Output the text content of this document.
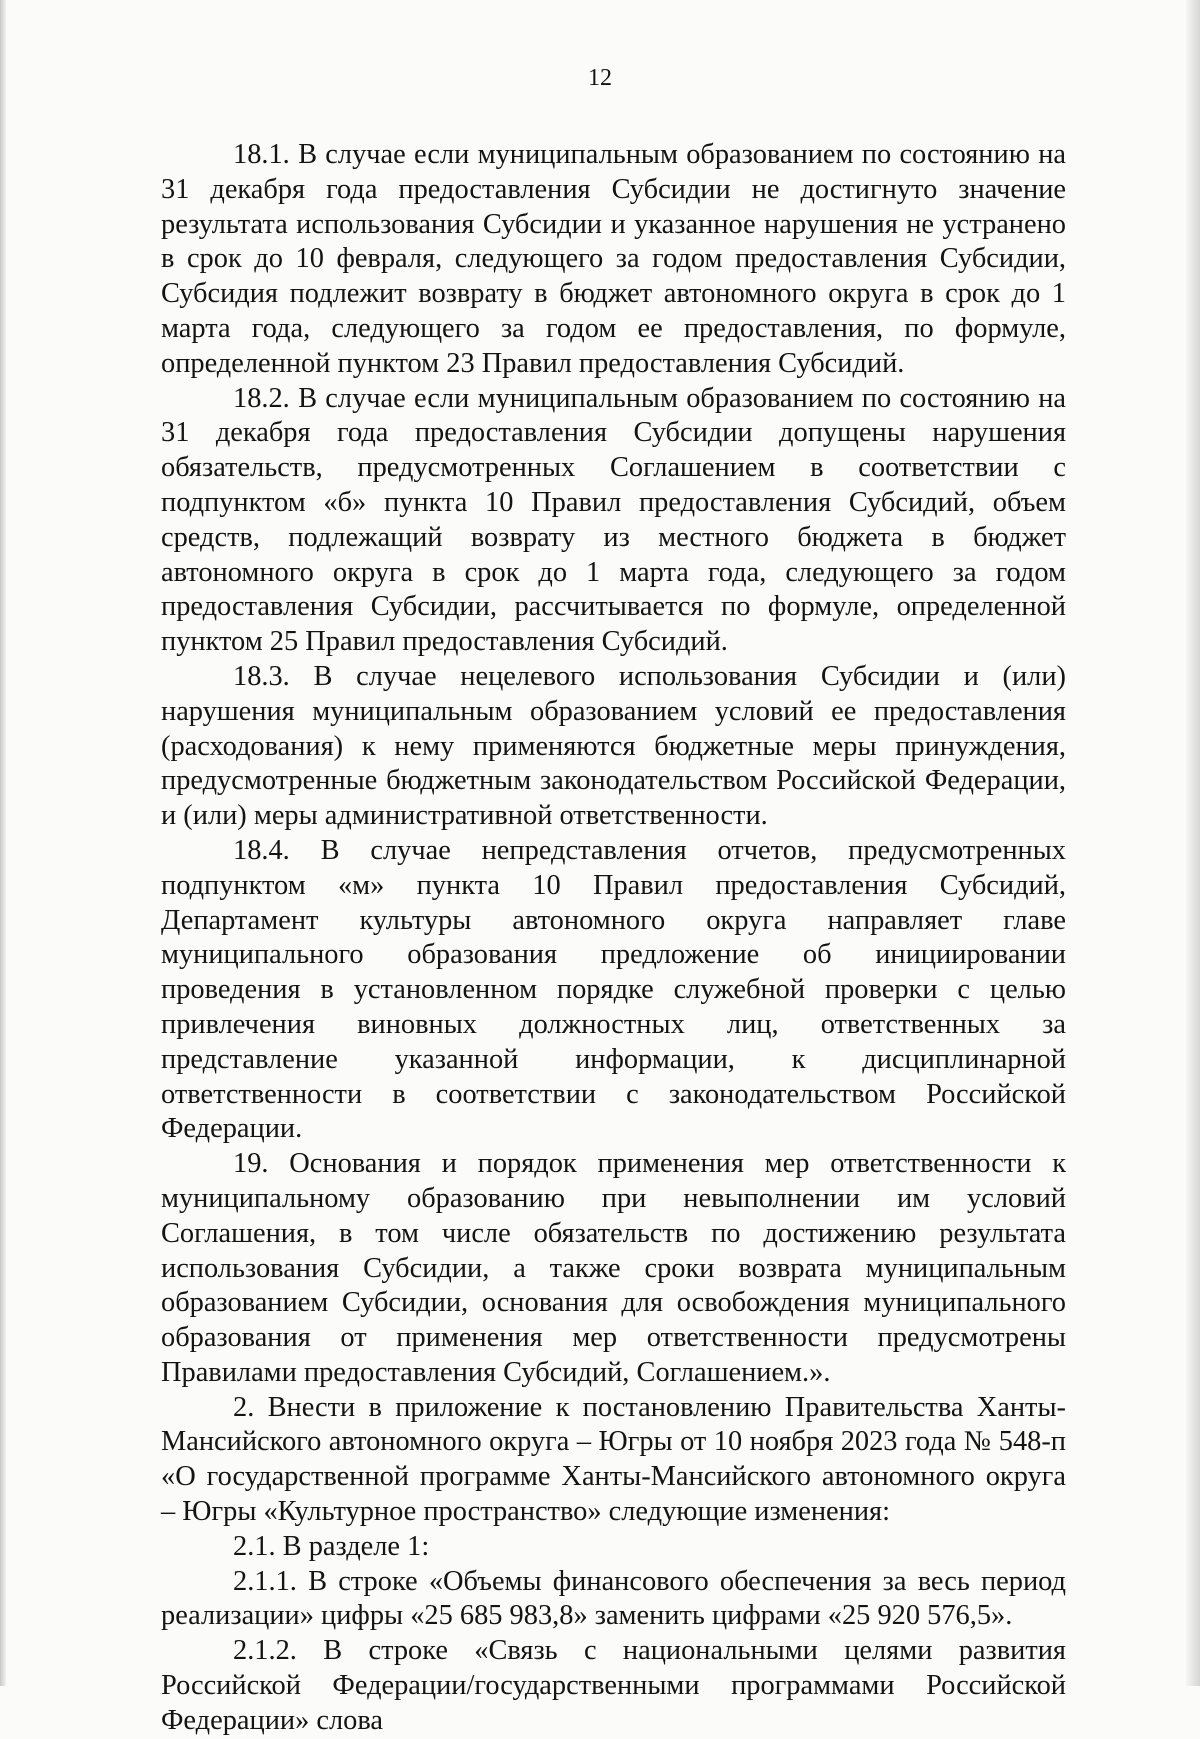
12

18.1. В случае если муниципальным образованием по состоянию на 31 декабря года предоставления Субсидии не достигнуто значение результата использования Субсидии и указанное нарушения не устранено в срок до 10 февраля, следующего за годом предоставления Субсидии, Субсидия подлежит возврату в бюджет автономного округа в срок до 1 марта года, следующего за годом ее предоставления, по формуле, определенной пунктом 23 Правил предоставления Субсидий.

18.2. В случае если муниципальным образованием по состоянию на 31 декабря года предоставления Субсидии допущены нарушения обязательств, предусмотренных Соглашением в соответствии с подпунктом «б» пункта 10 Правил предоставления Субсидий, объем средств, подлежащий возврату из местного бюджета в бюджет автономного округа в срок до 1 марта года, следующего за годом предоставления Субсидии, рассчитывается по формуле, определенной пунктом 25 Правил предоставления Субсидий.

18.3. В случае нецелевого использования Субсидии и (или) нарушения муниципальным образованием условий ее предоставления (расходования) к нему применяются бюджетные меры принуждения, предусмотренные бюджетным законодательством Российской Федерации, и (или) меры административной ответственности.

18.4. В случае непредставления отчетов, предусмотренных подпунктом «м» пункта 10 Правил предоставления Субсидий, Департамент культуры автономного округа направляет главе муниципального образования предложение об инициировании проведения в установленном порядке служебной проверки с целью привлечения виновных должностных лиц, ответственных за представление указанной информации, к дисциплинарной ответственности в соответствии с законодательством Российской Федерации.

19. Основания и порядок применения мер ответственности к муниципальному образованию при невыполнении им условий Соглашения, в том числе обязательств по достижению результата использования Субсидии, а также сроки возврата муниципальным образованием Субсидии, основания для освобождения муниципального образования от применения мер ответственности предусмотрены Правилами предоставления Субсидий, Соглашением.».

2. Внести в приложение к постановлению Правительства Ханты-Мансийского автономного округа – Югры от 10 ноября 2023 года № 548-п «О государственной программе Ханты-Мансийского автономного округа – Югры «Культурное пространство» следующие изменения:

2.1. В разделе 1:

2.1.1. В строке «Объемы финансового обеспечения за весь период реализации» цифры «25 685 983,8» заменить цифрами «25 920 576,5».

2.1.2. В строке «Связь с национальными целями развития Российской Федерации/государственными программами Российской Федерации» слова
